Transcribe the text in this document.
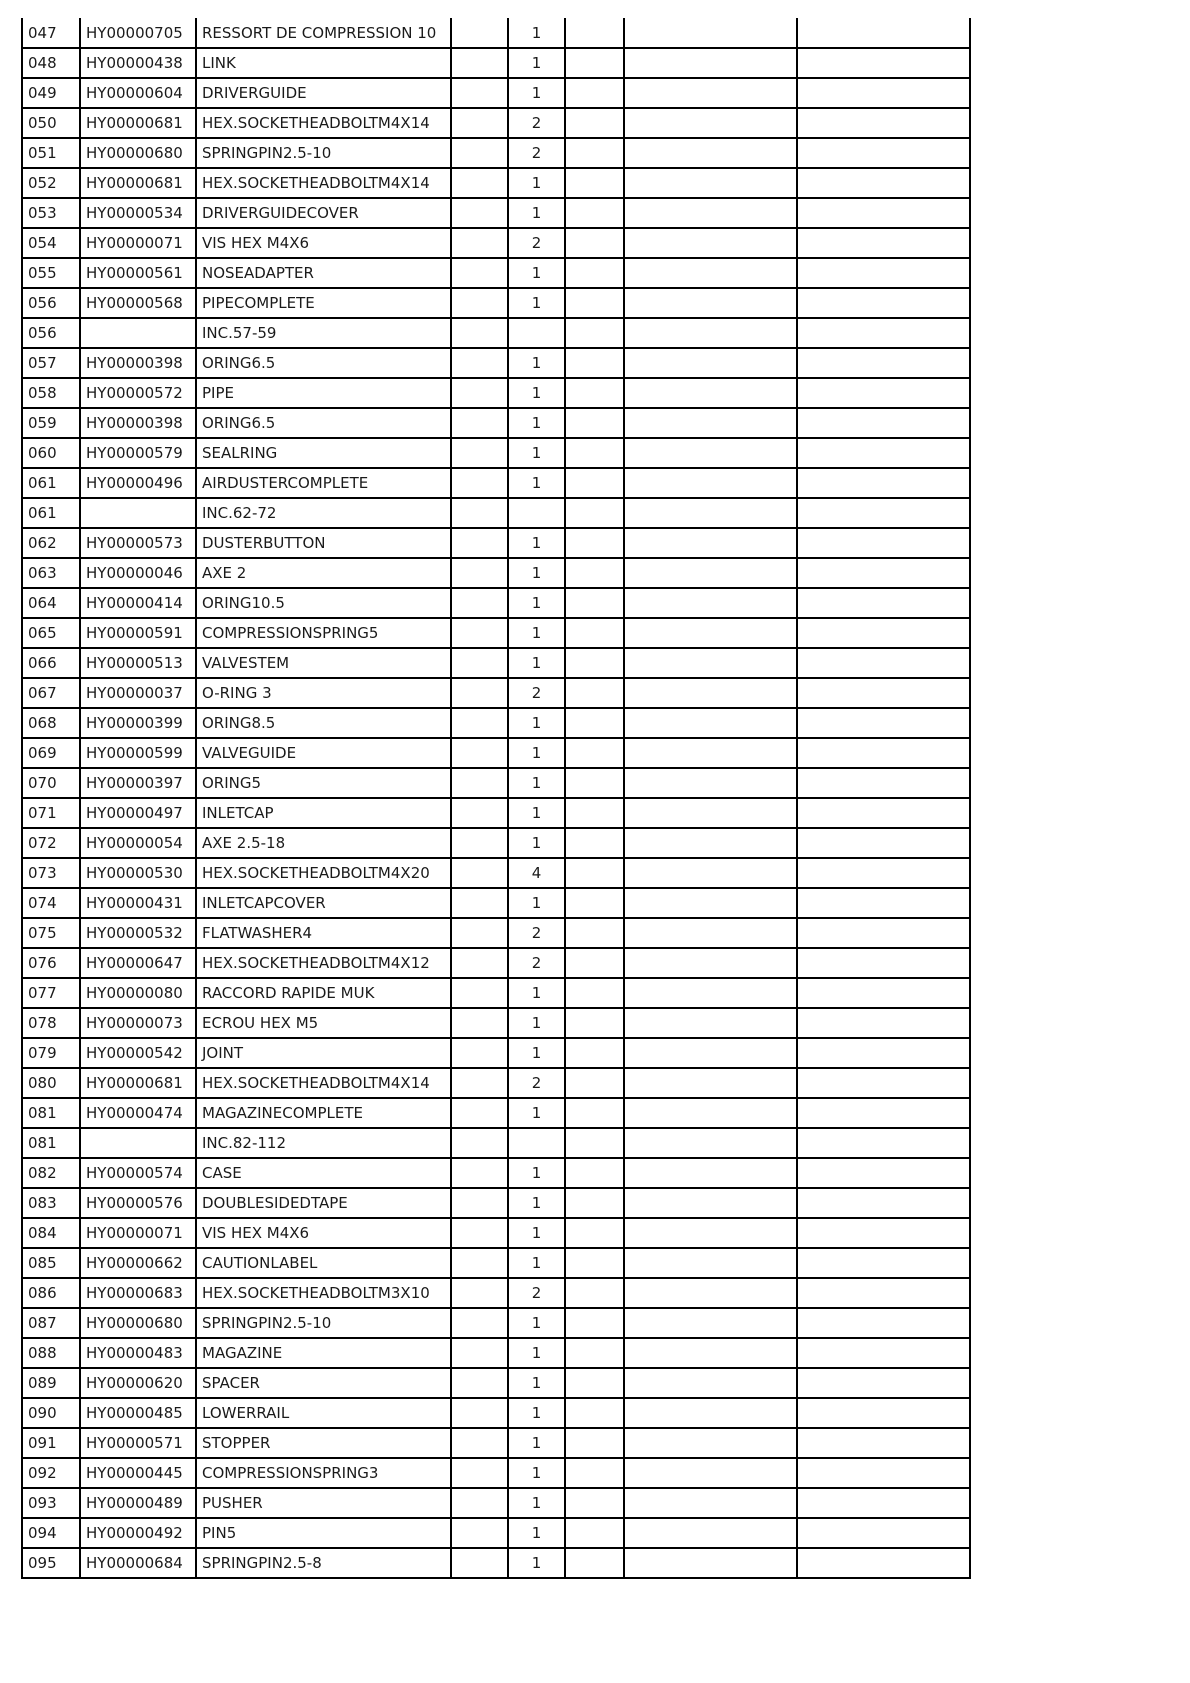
047	HY00000705	RESSORT DE COMPRESSION 10		1			
048	HY00000438	LINK		1			
049	HY00000604	DRIVERGUIDE		1			
050	HY00000681	HEX.SOCKETHEADBOLTM4X14		2			
051	HY00000680	SPRINGPIN2.5-10		2			
052	HY00000681	HEX.SOCKETHEADBOLTM4X14		1			
053	HY00000534	DRIVERGUIDECOVER		1			
054	HY00000071	VIS HEX M4X6		2			
055	HY00000561	NOSEADAPTER		1			
056	HY00000568	PIPECOMPLETE		1			
056		INC.57-59					
057	HY00000398	ORING6.5		1			
058	HY00000572	PIPE		1			
059	HY00000398	ORING6.5		1			
060	HY00000579	SEALRING		1			
061	HY00000496	AIRDUSTERCOMPLETE		1			
061		INC.62-72					
062	HY00000573	DUSTERBUTTON		1			
063	HY00000046	AXE 2		1			
064	HY00000414	ORING10.5		1			
065	HY00000591	COMPRESSIONSPRING5		1			
066	HY00000513	VALVESTEM		1			
067	HY00000037	O-RING 3		2			
068	HY00000399	ORING8.5		1			
069	HY00000599	VALVEGUIDE		1			
070	HY00000397	ORING5		1			
071	HY00000497	INLETCAP		1			
072	HY00000054	AXE 2.5-18		1			
073	HY00000530	HEX.SOCKETHEADBOLTM4X20		4			
074	HY00000431	INLETCAPCOVER		1			
075	HY00000532	FLATWASHER4		2			
076	HY00000647	HEX.SOCKETHEADBOLTM4X12		2			
077	HY00000080	RACCORD RAPIDE MUK		1			
078	HY00000073	ECROU HEX M5		1			
079	HY00000542	JOINT		1			
080	HY00000681	HEX.SOCKETHEADBOLTM4X14		2			
081	HY00000474	MAGAZINECOMPLETE		1			
081		INC.82-112					
082	HY00000574	CASE		1			
083	HY00000576	DOUBLESIDEDTAPE		1			
084	HY00000071	VIS HEX M4X6		1			
085	HY00000662	CAUTIONLABEL		1			
086	HY00000683	HEX.SOCKETHEADBOLTM3X10		2			
087	HY00000680	SPRINGPIN2.5-10		1			
088	HY00000483	MAGAZINE		1			
089	HY00000620	SPACER		1			
090	HY00000485	LOWERRAIL		1			
091	HY00000571	STOPPER		1			
092	HY00000445	COMPRESSIONSPRING3		1			
093	HY00000489	PUSHER		1			
094	HY00000492	PIN5		1			
095	HY00000684	SPRINGPIN2.5-8		1			
